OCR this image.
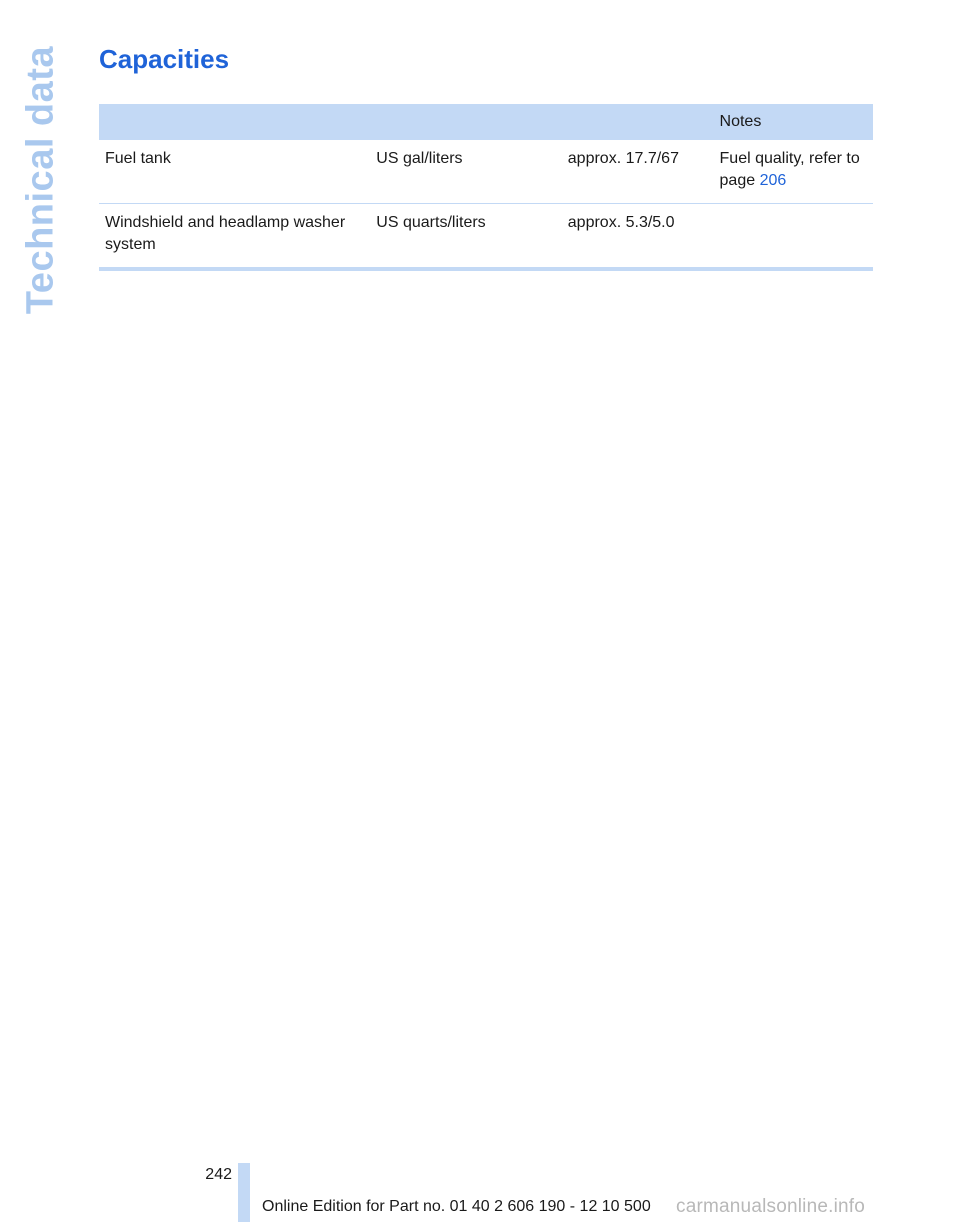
Technical data Capacities
			Notes
Fuel tank	US gal/liters	approx. 17.7/67	Fuel quality, refer to page 206
Windshield and headlamp washer system	US quarts/liters	approx. 5.3/5.0	
242
Online Edition for Part no. 01 40 2 606 190 - 12 10 500 carmanualsonline.info
